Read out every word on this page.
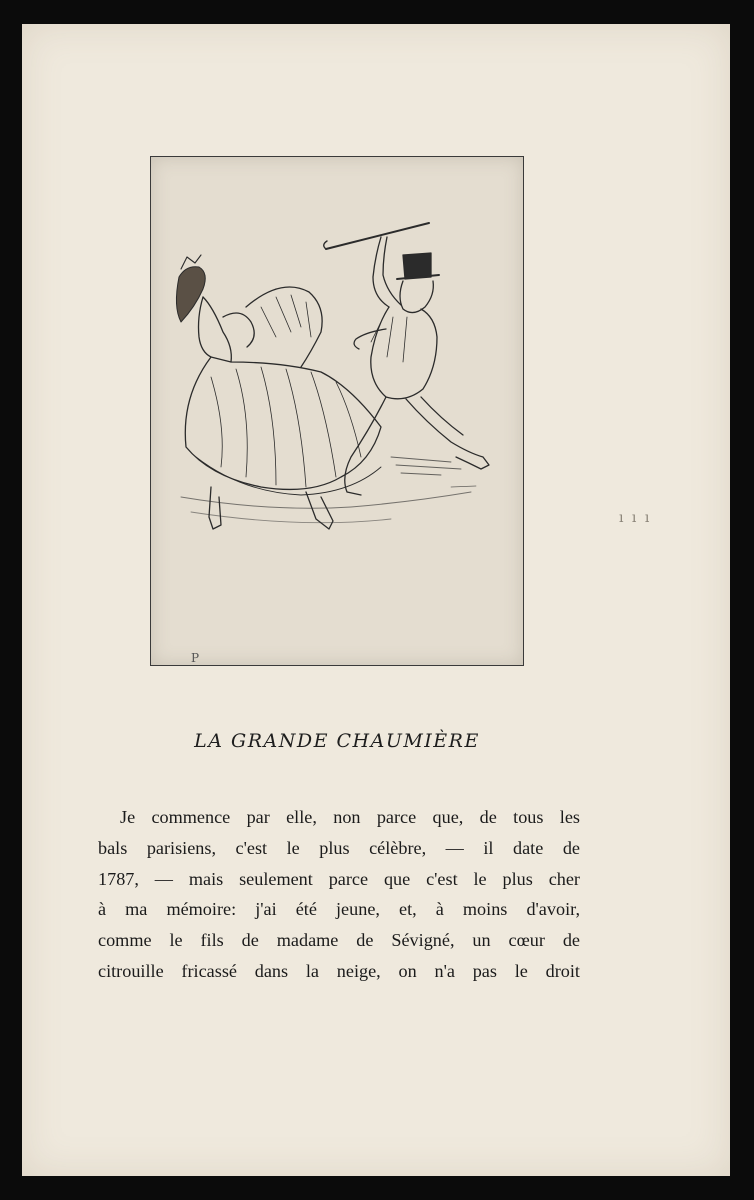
P
ı ı ı
LA GRANDE CHAUMIÈRE
Je commence par elle, non parce que, de tous les
bals parisiens, c'est le plus célèbre, — il date de
1787, — mais seulement parce que c'est le plus cher
à ma mémoire: j'ai été jeune, et, à moins d'avoir,
comme le fils de madame de Sévigné, un cœur de
citrouille fricassé dans la neige, on n'a pas le droit
